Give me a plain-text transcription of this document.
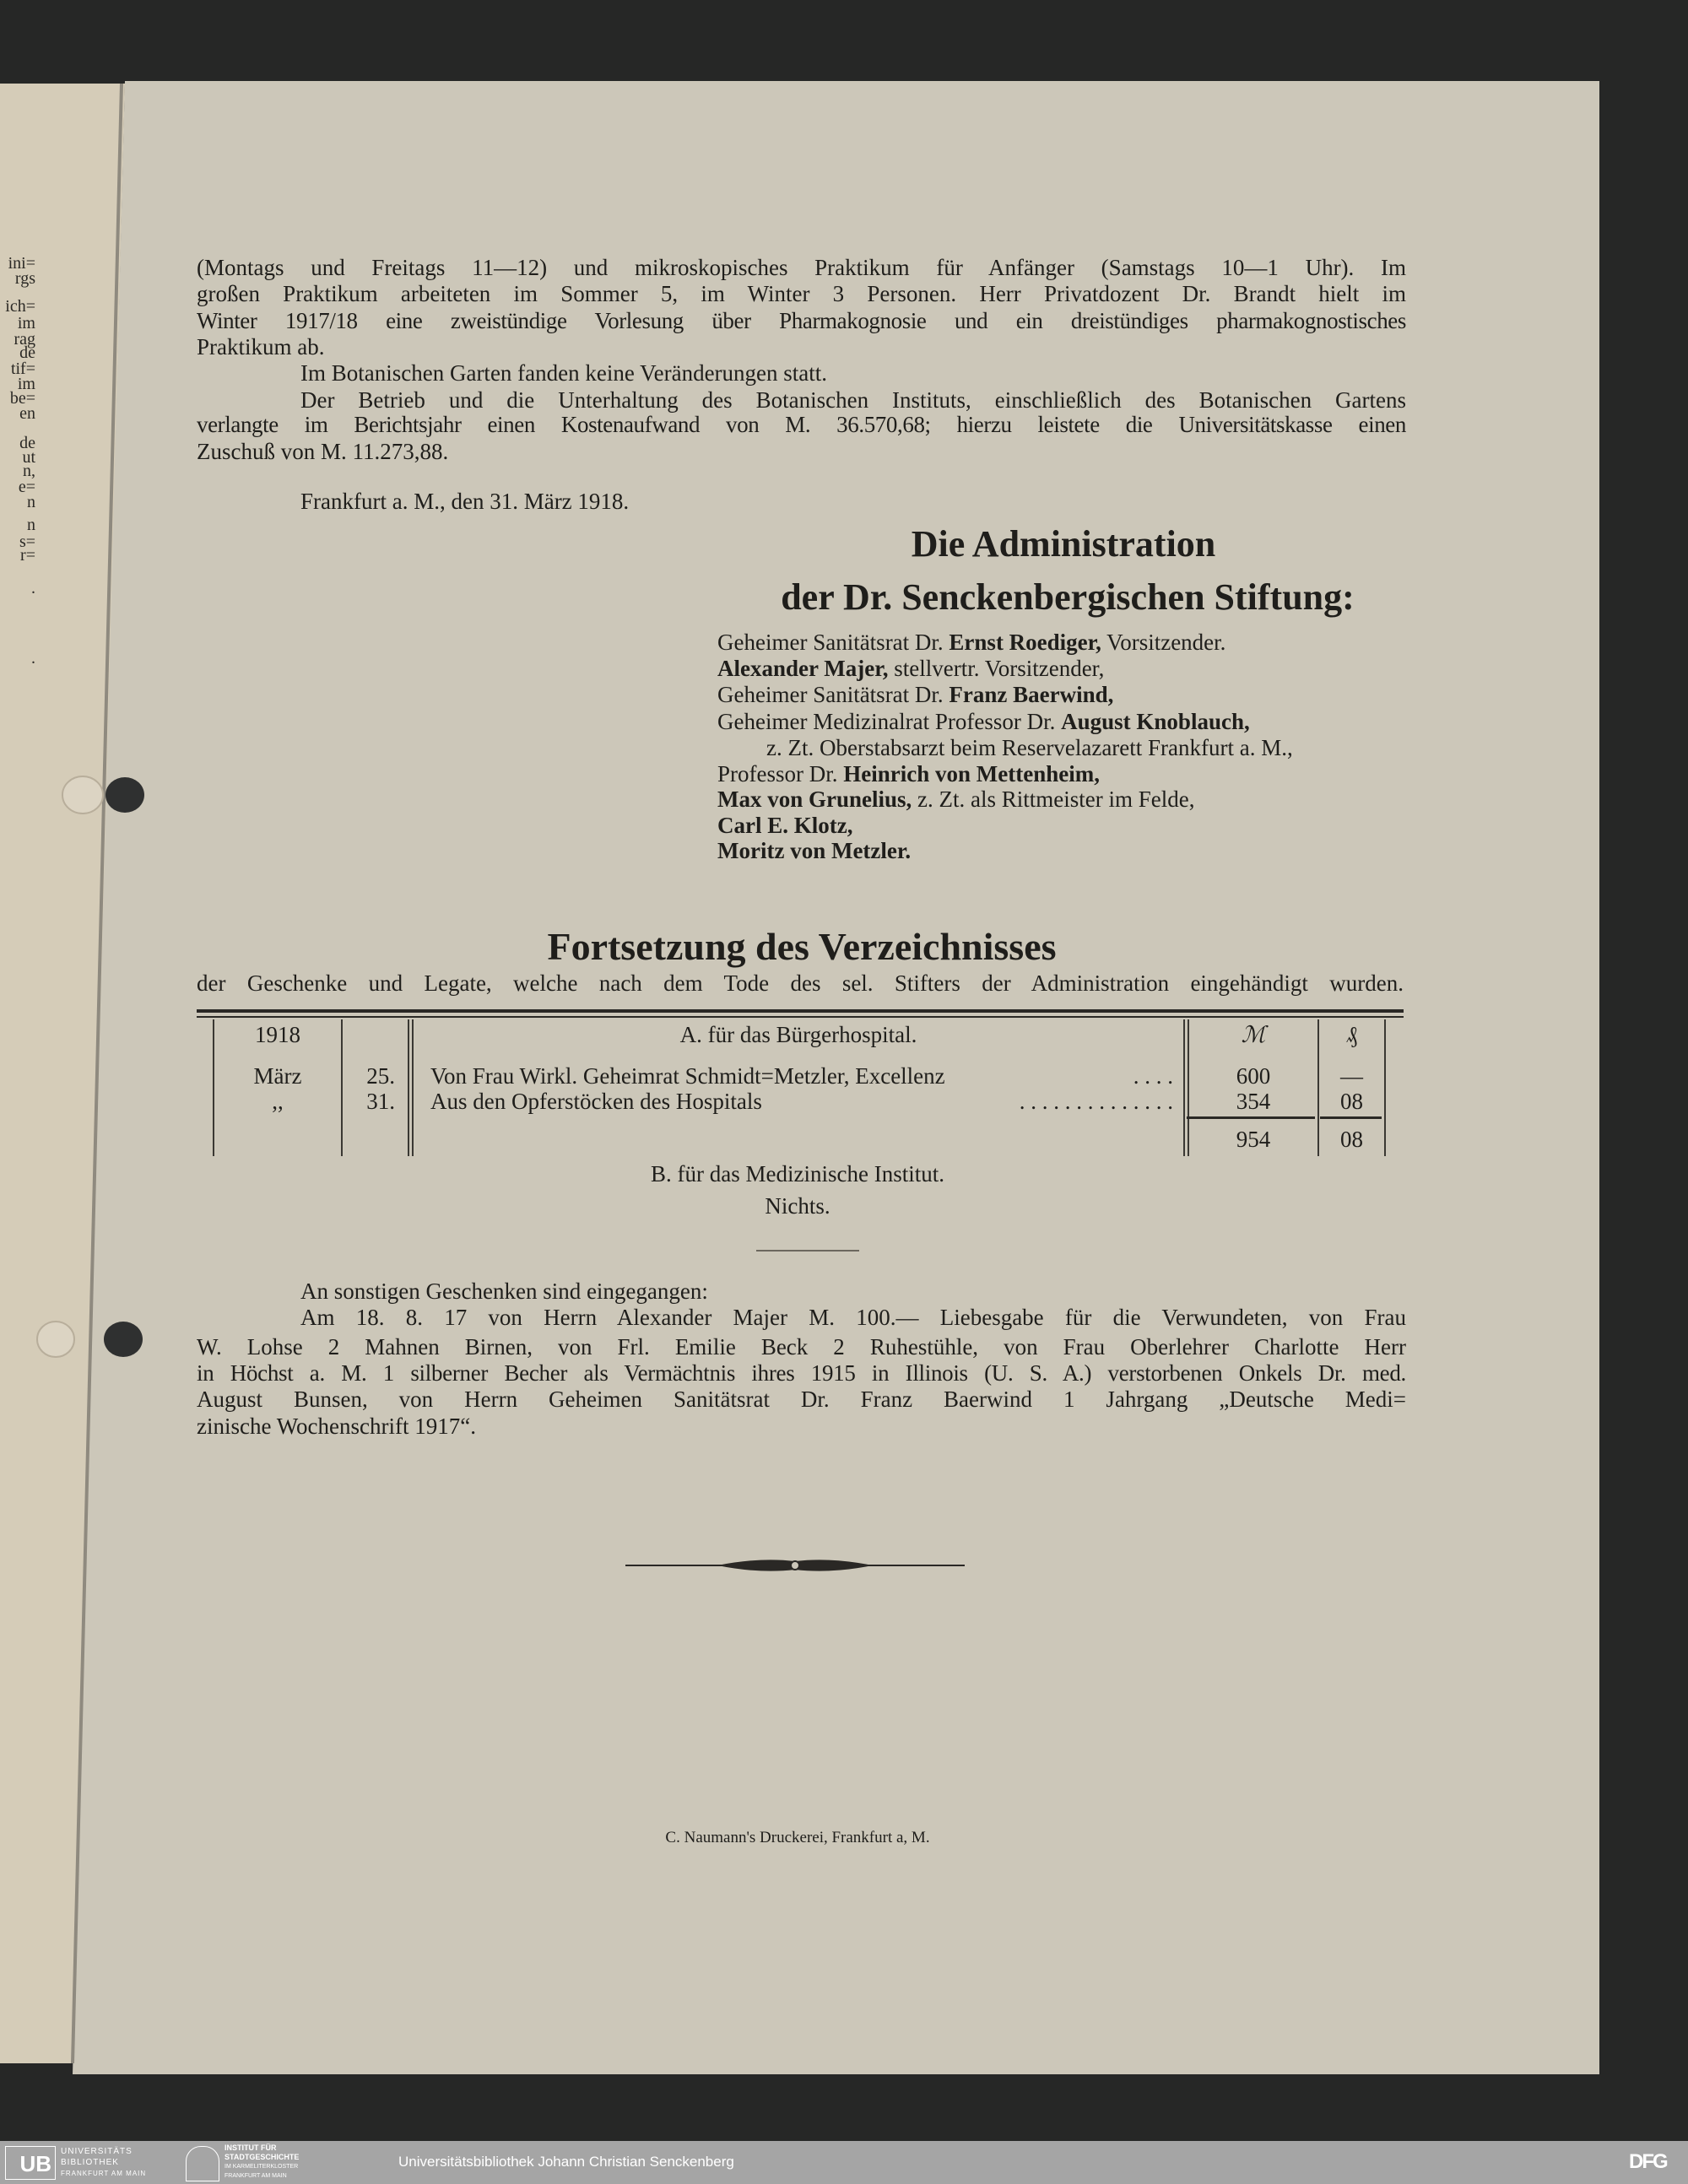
ini=
rgs
ich=
im
rag
de
tif=
im
be=
en
de
ut
n,
e=
n
n
s=
r=
.
.
(Montags und Freitags 11—12) und mikroskopisches Praktikum für Anfänger (Samstags 10—1 Uhr). Im
großen Praktikum arbeiteten im Sommer 5, im Winter 3 Personen. Herr Privatdozent Dr. Brandt hielt im
Winter 1917/18 eine zweistündige Vorlesung über Pharmakognosie und ein dreistündiges pharmakognostisches
Praktikum ab.
Im Botanischen Garten fanden keine Veränderungen statt.
Der Betrieb und die Unterhaltung des Botanischen Instituts, einschließlich des Botanischen Gartens
verlangte im Berichtsjahr einen Kostenaufwand von M. 36.570,68; hierzu leistete die Universitätskasse einen
Zuschuß von M. 11.273,88.
Frankfurt a. M., den 31. März 1918.
Die Administration
der Dr. Senckenbergischen Stiftung:
Geheimer Sanitätsrat Dr. Ernst Roediger, Vorsitzender.
Alexander Majer, stellvertr. Vorsitzender,
Geheimer Sanitätsrat Dr. Franz Baerwind,
Geheimer Medizinalrat Professor Dr. August Knoblauch,
z. Zt. Oberstabsarzt beim Reservelazarett Frankfurt a. M.,
Professor Dr. Heinrich von Mettenheim,
Max von Grunelius, z. Zt. als Rittmeister im Felde,
Carl E. Klotz,
Moritz von Metzler.
Fortsetzung des Verzeichnisses
der Geschenke und Legate, welche nach dem Tode des sel. Stifters der Administration eingehändigt wurden.
1918	A. für das Bürgerhospital.	ℳ	₰
März	25. Von Frau Wirkl. Geheimrat Schmidt=Metzler, Excellenz	. . . .	600	—
,,	31. Aus den Opferstöcken des Hospitals	. . . . . . . . . . . . . .	354	08
954	08
B. für das Medizinische Institut.
Nichts.
An sonstigen Geschenken sind eingegangen:
Am 18. 8. 17 von Herrn Alexander Majer M. 100.— Liebesgabe für die Verwundeten, von Frau
W. Lohse 2 Mahnen Birnen, von Frl. Emilie Beck 2 Ruhestühle, von Frau Oberlehrer Charlotte Herr
in Höchst a. M. 1 silberner Becher als Vermächtnis ihres 1915 in Illinois (U. S. A.) verstorbenen Onkels Dr. med.
August Bunsen, von Herrn Geheimen Sanitätsrat Dr. Franz Baerwind 1 Jahrgang „Deutsche Medi=
zinische Wochenschrift 1917“.
C. Naumann's Druckerei, Frankfurt a, M.
UB	UNIVERSITÄTS
BIBLIOTHEK
FRANKFURT AM MAIN
INSTITUT FÜR
STADTGESCHICHTE
IM KARMELITERKLOSTER
FRANKFURT AM MAIN
Universitätsbibliothek Johann Christian Senckenberg	DFG
